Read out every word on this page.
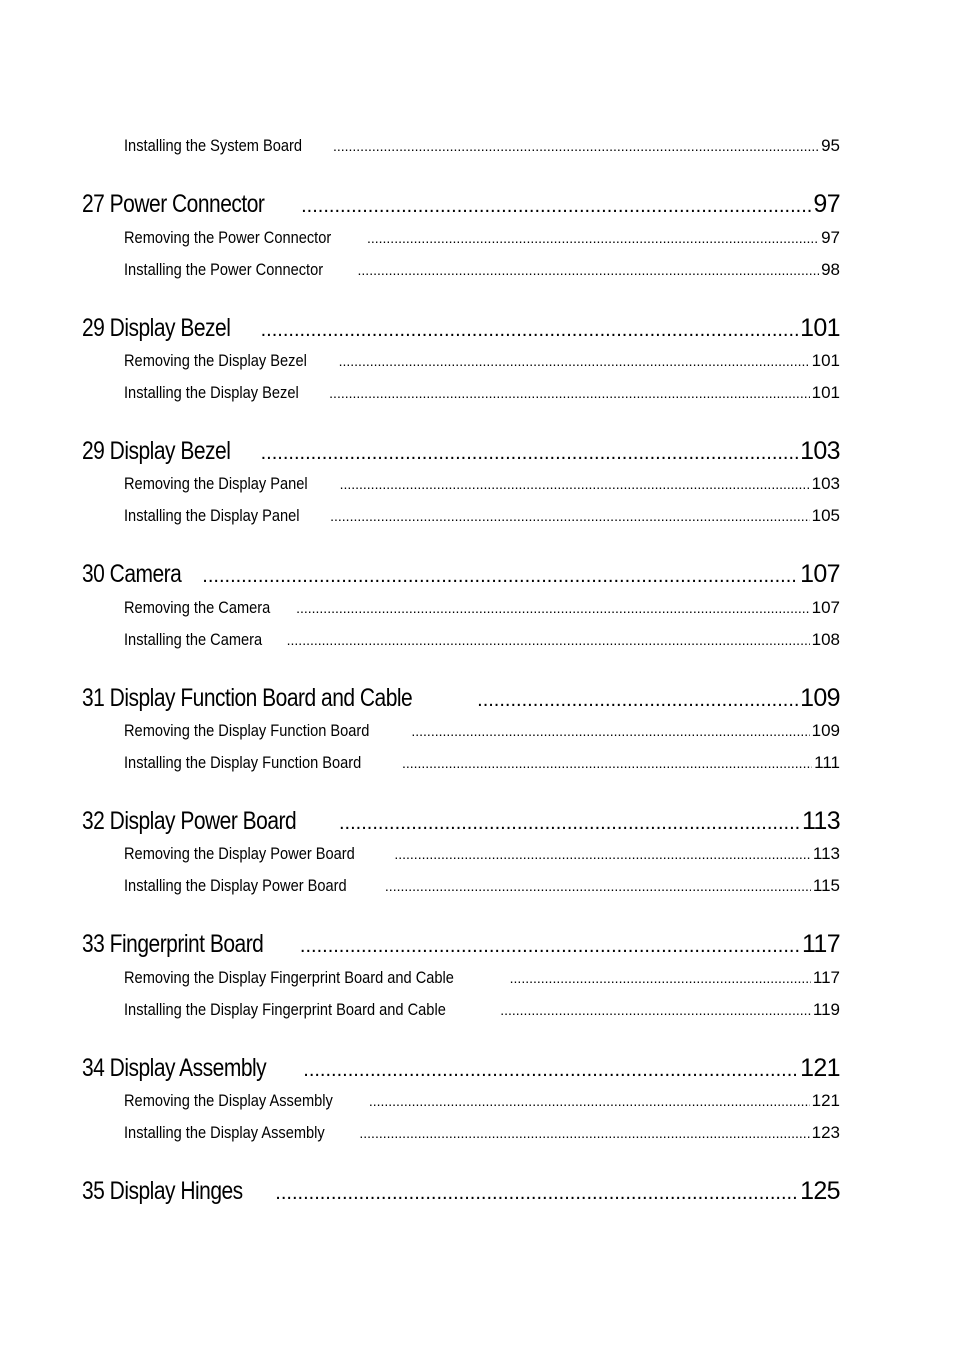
Installing the System Board .....	95
27 Power Connector .....	97
Removing the Power Connector .....	97
Installing the Power Connector .....	98
29 Display Bezel .....	101
Removing the Display Bezel .....	101
Installing the Display Bezel .....	101
29 Display Bezel .....	103
Removing the Display Panel .....	103
Installing the Display Panel .....	105
30 Camera .....	107
Removing the Camera .....	107
Installing the Camera .....	108
31 Display Function Board and Cable .....	109
Removing the Display Function Board .....	109
Installing the Display Function Board .....	111
32 Display Power Board .....	113
Removing the Display Power Board .....	113
Installing the Display Power Board .....	115
33 Fingerprint Board .....	117
Removing the Display Fingerprint Board and Cable .....	117
Installing the Display Fingerprint Board and Cable .....	119
34 Display Assembly .....	121
Removing the Display Assembly .....	121
Installing the Display Assembly .....	123
35 Display Hinges .....	125
